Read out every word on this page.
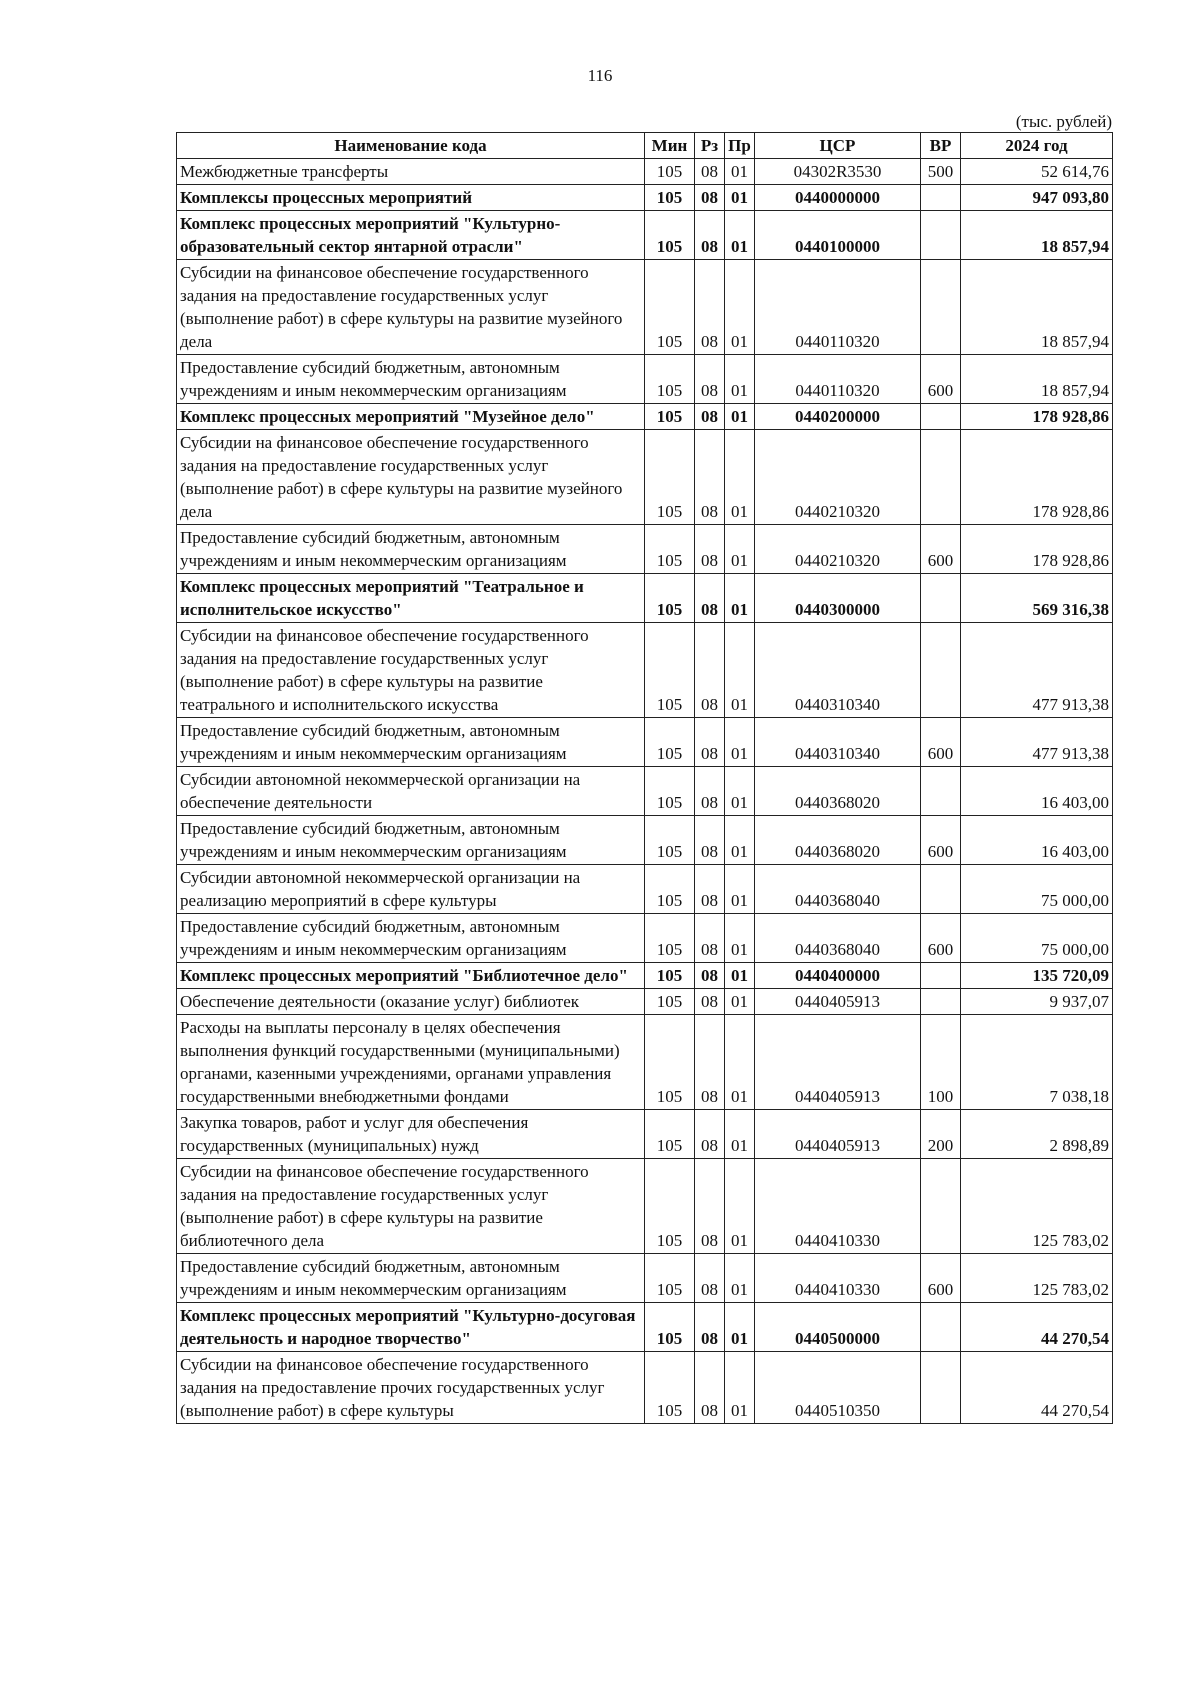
116
(тыс. рублей)
Наименование кода	Мин	Рз	Пр	ЦСР	ВР	2024 год
Межбюджетные трансферты	105	08	01	04302R3530	500	52 614,76
Комплексы процессных мероприятий	105	08	01	0440000000		947 093,80
Комплекс процессных мероприятий "Культурно-образовательный сектор янтарной отрасли"	105	08	01	0440100000		18 857,94
Субсидии на финансовое обеспечение государственного задания на предоставление государственных услуг (выполнение работ) в сфере культуры на развитие музейного дела	105	08	01	0440110320		18 857,94
Предоставление субсидий бюджетным, автономным учреждениям и иным некоммерческим организациям	105	08	01	0440110320	600	18 857,94
Комплекс процессных мероприятий "Музейное дело"	105	08	01	0440200000		178 928,86
Субсидии на финансовое обеспечение государственного задания на предоставление государственных услуг (выполнение работ) в сфере культуры на развитие музейного дела	105	08	01	0440210320		178 928,86
Предоставление субсидий бюджетным, автономным учреждениям и иным некоммерческим организациям	105	08	01	0440210320	600	178 928,86
Комплекс процессных мероприятий "Театральное и исполнительское искусство"	105	08	01	0440300000		569 316,38
Субсидии на финансовое обеспечение государственного задания на предоставление государственных услуг (выполнение работ) в сфере культуры на развитие театрального и исполнительского искусства	105	08	01	0440310340		477 913,38
Предоставление субсидий бюджетным, автономным учреждениям и иным некоммерческим организациям	105	08	01	0440310340	600	477 913,38
Субсидии автономной некоммерческой организации на обеспечение деятельности	105	08	01	0440368020		16 403,00
Предоставление субсидий бюджетным, автономным учреждениям и иным некоммерческим организациям	105	08	01	0440368020	600	16 403,00
Субсидии автономной некоммерческой организации на реализацию мероприятий в сфере культуры	105	08	01	0440368040		75 000,00
Предоставление субсидий бюджетным, автономным учреждениям и иным некоммерческим организациям	105	08	01	0440368040	600	75 000,00
Комплекс процессных мероприятий "Библиотечное дело"	105	08	01	0440400000		135 720,09
Обеспечение деятельности (оказание услуг) библиотек	105	08	01	0440405913		9 937,07
Расходы на выплаты персоналу в целях обеспечения выполнения функций государственными (муниципальными) органами, казенными учреждениями, органами управления государственными внебюджетными фондами	105	08	01	0440405913	100	7 038,18
Закупка товаров, работ и услуг для обеспечения государственных (муниципальных) нужд	105	08	01	0440405913	200	2 898,89
Субсидии на финансовое обеспечение государственного задания на предоставление государственных услуг (выполнение работ) в сфере культуры на развитие библиотечного дела	105	08	01	0440410330		125 783,02
Предоставление субсидий бюджетным, автономным учреждениям и иным некоммерческим организациям	105	08	01	0440410330	600	125 783,02
Комплекс процессных мероприятий "Культурно-досуговая деятельность и народное творчество"	105	08	01	0440500000		44 270,54
Субсидии на финансовое обеспечение государственного задания на предоставление прочих государственных услуг (выполнение работ) в сфере культуры	105	08	01	0440510350		44 270,54
